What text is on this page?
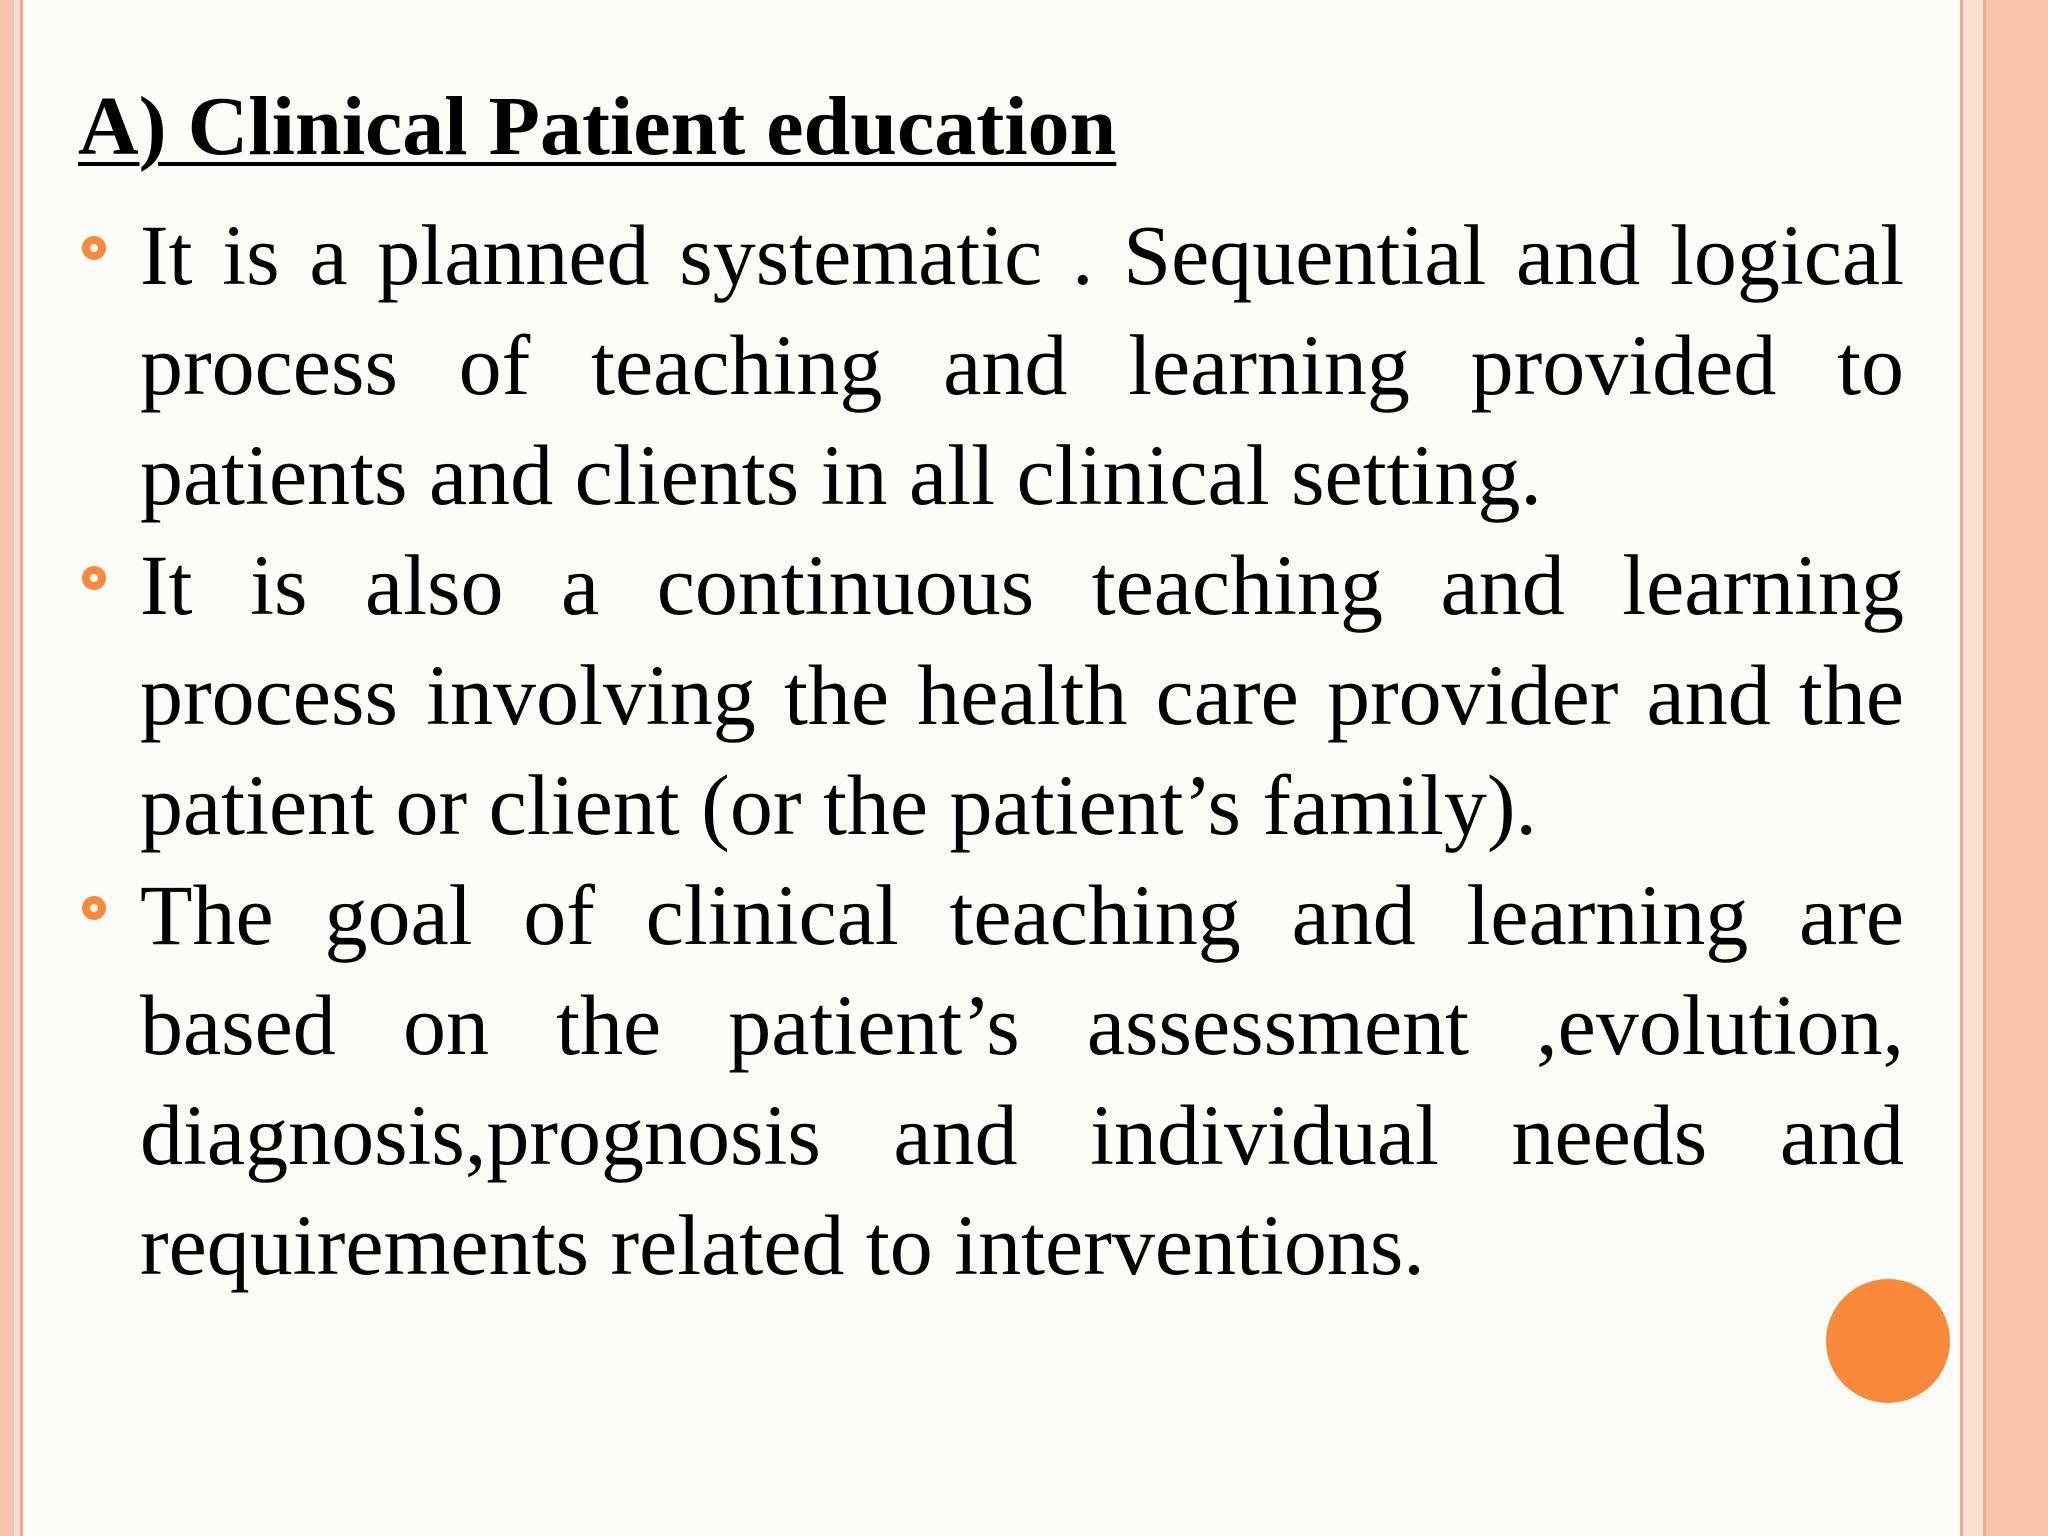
A) Clinical Patient education
It is a planned systematic . Sequential and logical process of teaching and learning provided to patients and clients in all clinical setting.
It is also a continuous teaching and learning process involving the health care provider and the patient or client (or the patient’s family).
The goal of clinical teaching and learning are based on the patient’s assessment ,evolution, diagnosis,prognosis and individual needs and requirements related to interventions.
